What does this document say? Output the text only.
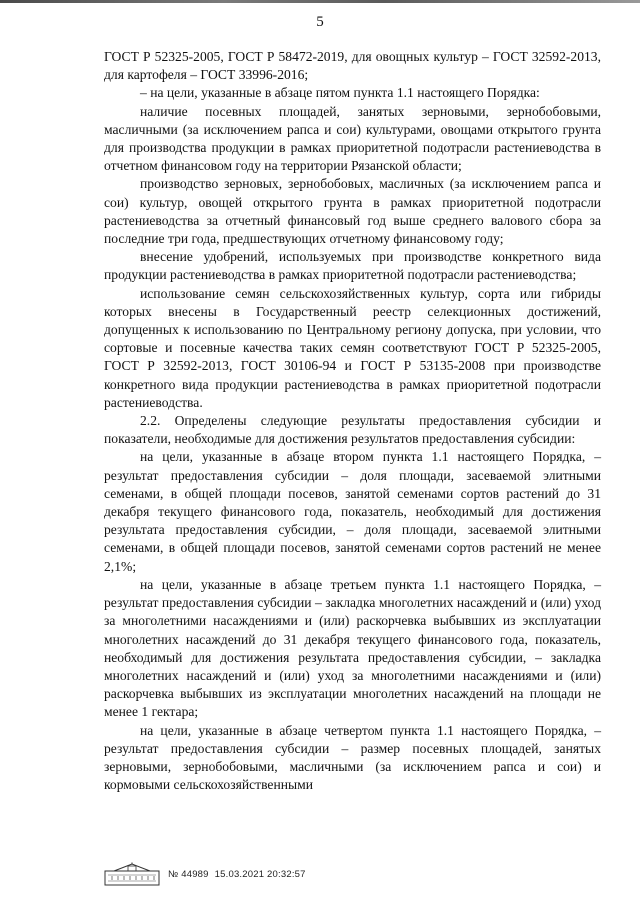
5

ГОСТ Р 52325-2005, ГОСТ Р 58472-2019, для овощных культур – ГОСТ 32592-2013, для картофеля – ГОСТ 33996-2016;

– на цели, указанные в абзаце пятом пункта 1.1 настоящего Порядка:

наличие посевных площадей, занятых зерновыми, зернобобовыми, масличными (за исключением рапса и сои) культурами, овощами открытого грунта для производства продукции в рамках приоритетной подотрасли растениеводства в отчетном финансовом году на территории Рязанской области;

производство зерновых, зернобобовых, масличных (за исключением рапса и сои) культур, овощей открытого грунта в рамках приоритетной подотрасли растениеводства за отчетный финансовый год выше среднего валового сбора за последние три года, предшествующих отчетному финансовому году;

внесение удобрений, используемых при производстве конкретного вида продукции растениеводства в рамках приоритетной подотрасли растениеводства;

использование семян сельскохозяйственных культур, сорта или гибриды которых внесены в Государственный реестр селекционных достижений, допущенных к использованию по Центральному региону допуска, при условии, что сортовые и посевные качества таких семян соответствуют ГОСТ Р 52325-2005, ГОСТ Р 32592-2013, ГОСТ 30106-94 и ГОСТ Р 53135-2008 при производстве конкретного вида продукции растениеводства в рамках приоритетной подотрасли растениеводства.

2.2. Определены следующие результаты предоставления субсидии и показатели, необходимые для достижения результатов предоставления субсидии:

на цели, указанные в абзаце втором пункта 1.1 настоящего Порядка, – результат предоставления субсидии – доля площади, засеваемой элитными семенами, в общей площади посевов, занятой семенами сортов растений до 31 декабря текущего финансового года, показатель, необходимый для достижения результата предоставления субсидии, – доля площади, засеваемой элитными семенами, в общей площади посевов, занятой семенами сортов растений не менее 2,1%;

на цели, указанные в абзаце третьем пункта 1.1 настоящего Порядка, – результат предоставления субсидии – закладка многолетних насаждений и (или) уход за многолетними насаждениями и (или) раскорчевка выбывших из эксплуатации многолетних насаждений до 31 декабря текущего финансового года, показатель, необходимый для достижения результата предоставления субсидии, – закладка многолетних насаждений и (или) уход за многолетними насаждениями и (или) раскорчевка выбывших из эксплуатации многолетних насаждений на площади не менее 1 гектара;

на цели, указанные в абзаце четвертом пункта 1.1 настоящего Порядка, – результат предоставления субсидии – размер посевных площадей, занятых зерновыми, зернобобовыми, масличными (за исключением рапса и сои) и кормовыми сельскохозяйственными

№ 44989 15.03.2021 20:32:57
